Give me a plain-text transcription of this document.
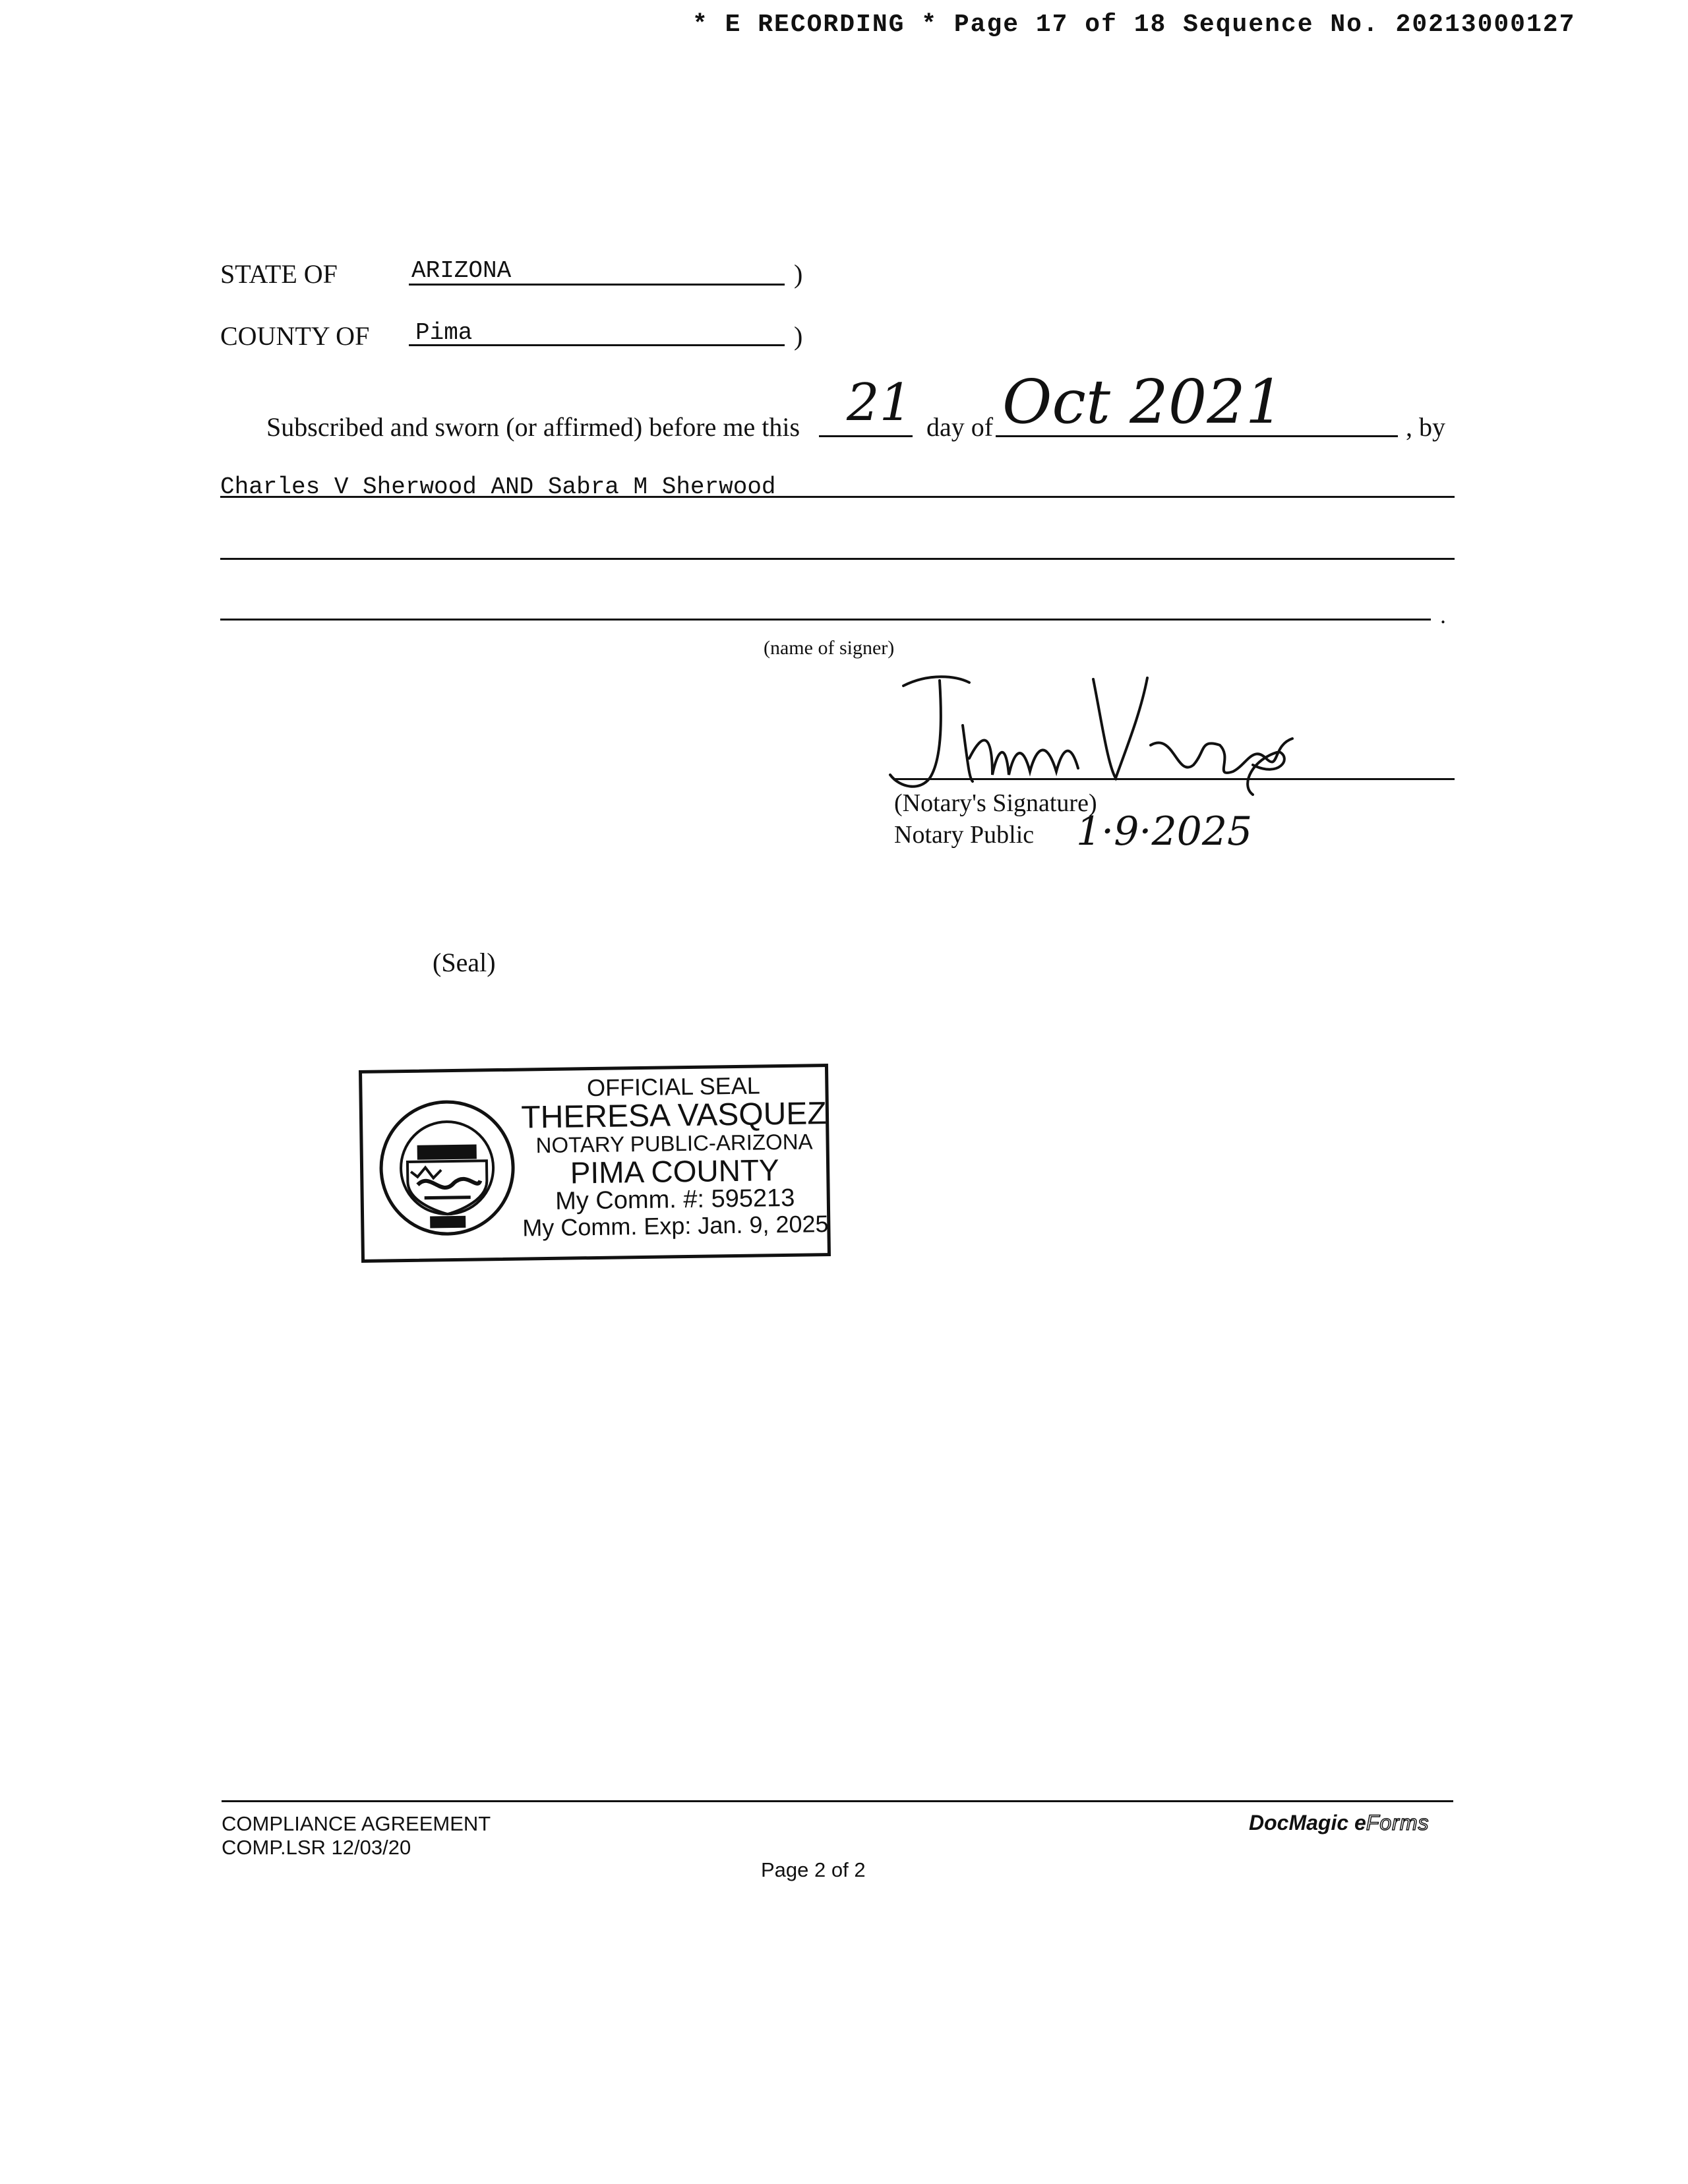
* E RECORDING * Page 17 of 18 Sequence No. 20213000127
STATE OF	ARIZONA	)
COUNTY OF Pima	)
Subscribed and sworn (or affirmed) before me this 21 day of Oct 2021	, by
Charles V Sherwood AND Sabra M Sherwood
.
(name of signer)
(Notary's Signature)
Notary Public 1·9·2025
(Seal)
OFFICIAL SEAL
THERESA VASQUEZ
NOTARY PUBLIC-ARIZONA
PIMA COUNTY
My Comm. #: 595213
My Comm. Exp: Jan. 9, 2025
COMPLIANCE AGREEMENT
COMP.LSR 12/03/20
Page 2 of 2
DocMagic eForms
